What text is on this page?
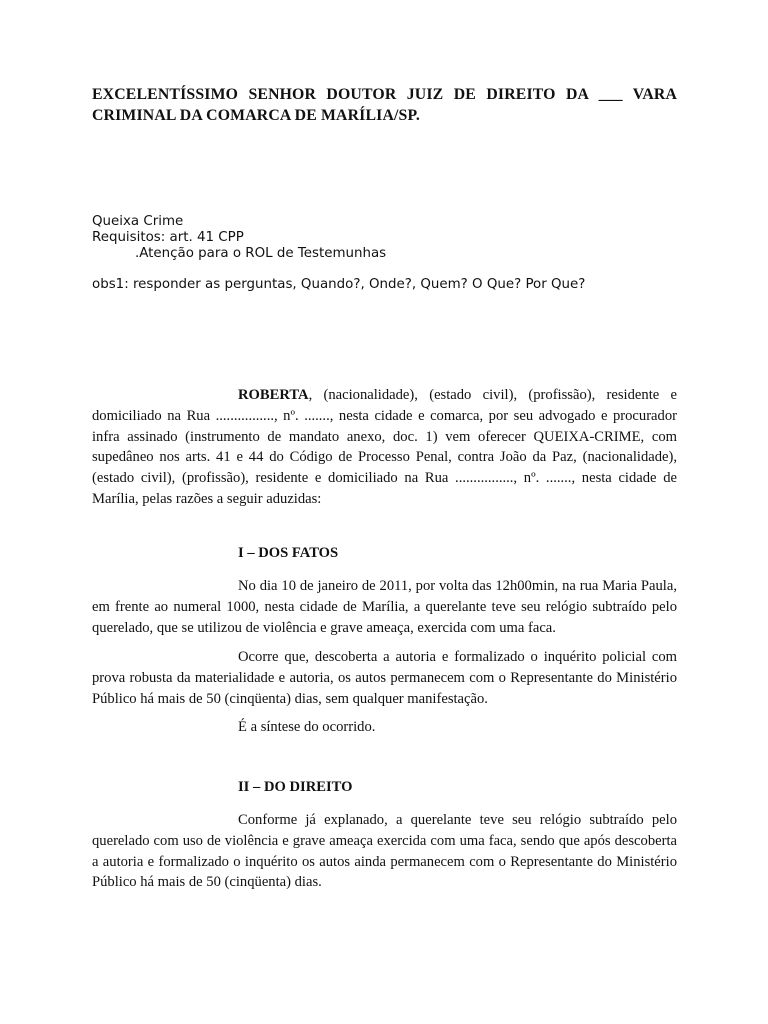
EXCELENTÍSSIMO SENHOR DOUTOR JUIZ DE DIREITO DA ___ VARA
CRIMINAL DA COMARCA DE MARÍLIA/SP.
Queixa Crime
Requisitos: art. 41 CPP
.Atenção para o ROL de Testemunhas
obs1: responder as perguntas, Quando?, Onde?, Quem? O Que? Por Que?
ROBERTA, (nacionalidade), (estado civil), (profissão), residente e domiciliado na Rua ................, nº. ......., nesta cidade e comarca, por seu advogado e procurador infra assinado (instrumento de mandato anexo, doc. 1) vem oferecer QUEIXA-CRIME, com supedâneo nos arts. 41 e 44 do Código de Processo Penal, contra João da Paz, (nacionalidade), (estado civil), (profissão), residente e domiciliado na Rua ................, nº. ......., nesta cidade de Marília, pelas razões a seguir aduzidas:
I – DOS FATOS
No dia 10 de janeiro de 2011, por volta das 12h00min, na rua Maria Paula, em frente ao numeral 1000, nesta cidade de Marília, a querelante teve seu relógio subtraído pelo querelado, que se utilizou de violência e grave ameaça, exercida com uma faca.
Ocorre que, descoberta a autoria e formalizado o inquérito policial com prova robusta da materialidade e autoria, os autos permanecem com o Representante do Ministério Público há mais de 50 (cinqüenta) dias, sem qualquer manifestação.
É a síntese do ocorrido.
II – DO DIREITO
Conforme já explanado, a querelante teve seu relógio subtraído pelo querelado com uso de violência e grave ameaça exercida com uma faca, sendo que após descoberta a autoria e formalizado o inquérito os autos ainda permanecem com o Representante do Ministério Público há mais de 50 (cinqüenta) dias.
